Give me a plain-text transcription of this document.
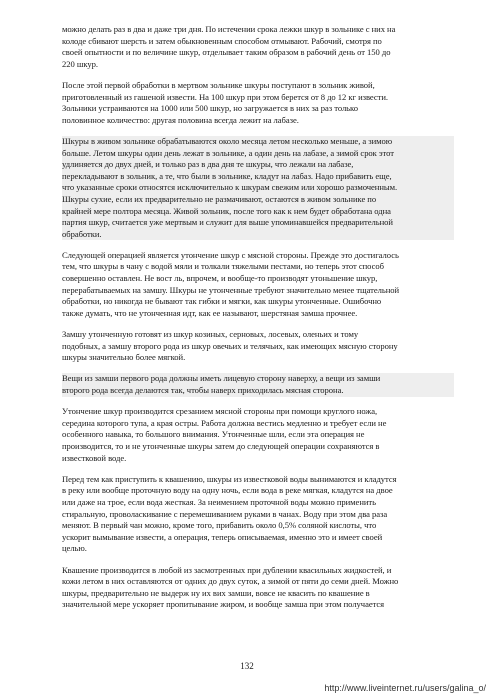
можно делать раз в два и даже три дня. По истечении срока лежки шкур в зольнике с них на
колоде сбивают шерсть и затем обыкновенным способом отмывают. Рабочий, смотря по
своей опытности и по величине шкур, отделывает таким образом в рабочий день от 150 до
220 шкур.
После этой первой обработки в мертвом зольнике шкуры поступают в зольник живой,
приготовленный из гашеной извести. На 100 шкур при этом берется от 8 до 12 кг извести.
Зольники устраиваются на 1000 или 500 шкур, но загружается в них за раз только
половинное количество: другая половина всегда лежит на лабазе.
Шкуры в живом зольнике обрабатываются около месяца летом несколько меньше, а зимою
больше. Летом шкуры один день лежат в зольнике, а один день на лабазе, а зимой срок этот
удлиняется до двух дней, и только раз в два дня те шкуры, что лежали на лабазе,
перекладывают в зольник, а те, что были в зольнике, кладут на лабаз. Надо прибавить еще,
что указанные сроки относятся исключительно к шкурам свежим или хорошо размоченным.
Шкуры сухие, если их предварительно не размачивают, остаются в живом зольнике по
крайней мере полтора месяца. Живой зольник, после того как к нем будет обработана одна
партия шкур, считается уже мертвым и служит для выше упоминавшейся предварительной
обработки.
Следующей операцией является утончение шкур с мясной стороны. Прежде это достигалось
тем, что шкуры в чану с водой мяли и толкали тяжелыми пестами, но теперь этот способ
совершенно оставлен. Не вост ль, впрочем, и вообще-то производят утоньшение шкур,
перерабатываемых на замшу. Шкуры не утонченные требуют значительно менее тщательной
обработки, но никогда не бывают так гибки и мягки, как шкуры утонченные. Ошибочно
также думать, что не утонченная идт, как ее называют, шерстяная замша прочнее.
Замшу утонченную готовят из шкур козиных, серновых, лосевых, оленьих и тому
подобных, а замшу второго рода из шкур овечьих и телячьих, как имеющих мясную сторону
шкуры значительно более мягкой.
Вещи из замши первого рода должны иметь лицевую сторону наверху, а вещи из замши
второго рода всегда делаются так, чтобы наверх приходилась мясная сторона.
Утончение шкур производится срезанием мясной стороны при помощи круглого ножа,
середина которого тупа, а края остры. Работа должна вестись медленно и требует если не
особенного навыка, то большого внимания. Утонченные шли, если эта операция не
производится, то и не утонченные шкуры затем до следующей операции сохраняются в
известковой воде.
Перед тем как приступить к квашению, шкуры из известковой воды вынимаются и кладутся
в реку или вообще проточную воду на одну ночь, если вода в реке мягкая, кладутся на двое
или даже на трое, если вода жесткая. За неимением проточной воды можно применить
стиральную, проволаскивание с перемешиванием руками в чанах. Воду при этом два раза
меняют. В первый чан можно, кроме того, прибавить около 0,5% соляной кислоты, что
ускорит вымывание извести, а операция, теперь описываемая, именно это и имеет своей
целью.
Квашение производится в любой из засмотренных при дублении квасильных жидкостей, и
кожи летом в них оставляются от одних до двух суток, а зимой от пяти до семи дней. Можно
шкуры, предварительно не выдерж ну их вих замши, вовсе не квасить по квашение в
значительной мере ускоряет пропитывание жиром, и вообще замша при этом получается
132
http://www.liveinternet.ru/users/galina_o/
